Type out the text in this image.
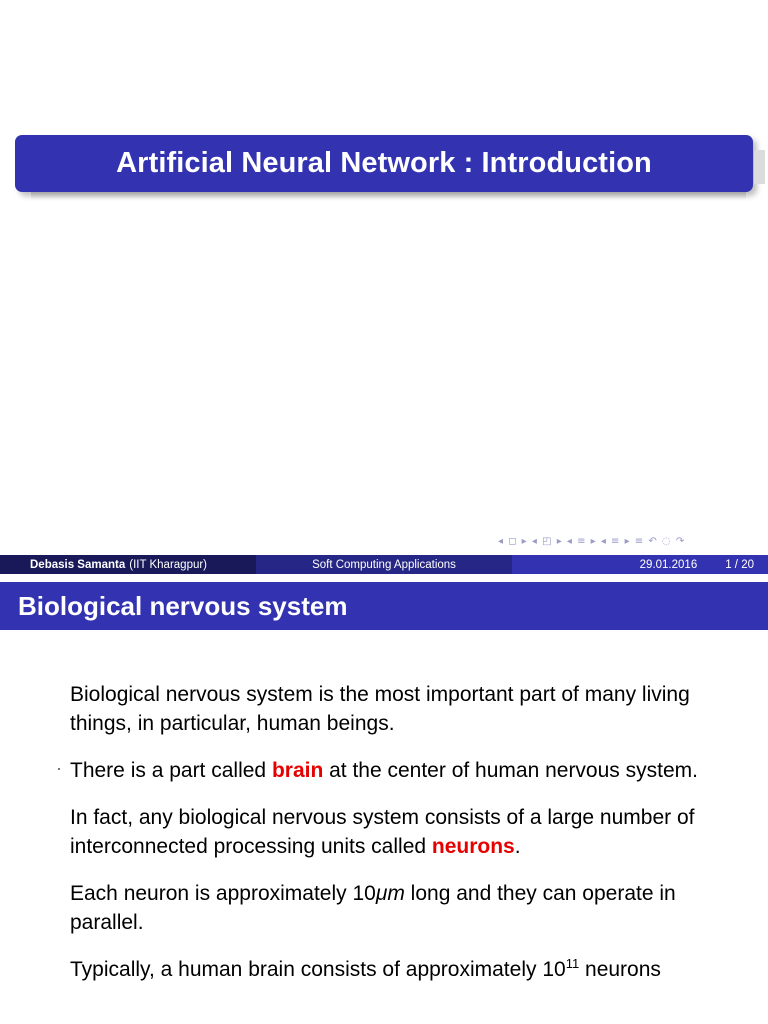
Artificial Neural Network : Introduction
◂ ◻ ▸ ◂ ◰ ▸ ◂ ≡ ▸ ◂ ≡ ▸ ≡ ↶ ◌ ↷
Debasis Samanta (IIT Kharagpur)	Soft Computing Applications	29.01.2016 1 / 20
Biological nervous system

Biological nervous system is the most important part of many living things, in particular, human beings.

There is a part called brain at the center of human nervous system.

In fact, any biological nervous system consists of a large number of interconnected processing units called neurons.

Each neuron is approximately 10μm long and they can operate in parallel.

Typically, a human brain consists of approximately $10^{11}$ neurons
